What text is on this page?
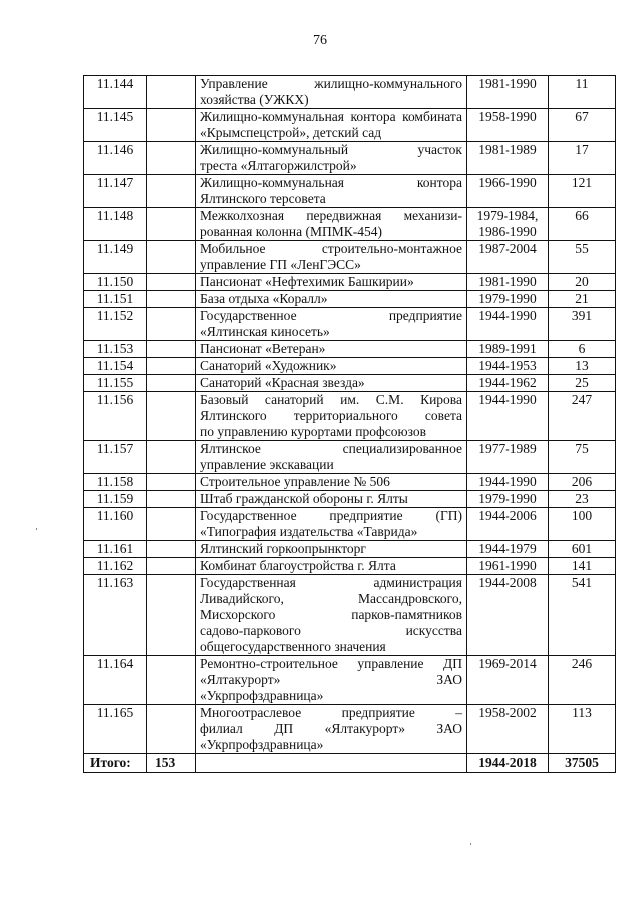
76
11.144		Управление жилищно-коммунального
хозяйства (УЖКХ)	1981-1990	11
11.145		Жилищно-коммунальная контора комбината
«Крымспецстрой», детский сад	1958-1990	67
11.146		Жилищно-коммунальный участок
треста «Ялтагоржилстрой»	1981-1989	17
11.147		Жилищно-коммунальная контора
Ялтинского терсовета	1966-1990	121
11.148		Межколхозная передвижная механизи-
рованная колонна (МПМК-454)	1979-1984,
1986-1990	66
11.149		Мобильное строительно-монтажное
управление ГП «ЛенГЭСС»	1987-2004	55
11.150		Пансионат «Нефтехимик Башкирии»	1981-1990	20
11.151		База отдыха «Коралл»	1979-1990	21
11.152		Государственное предприятие
«Ялтинская киносеть»	1944-1990	391
11.153		Пансионат «Ветеран»	1989-1991	6
11.154		Санаторий «Художник»	1944-1953	13
11.155		Санаторий «Красная звезда»	1944-1962	25
11.156		Базовый санаторий им. С.М. Кирова
Ялтинского территориального совета
по управлению курортами профсоюзов	1944-1990	247
11.157		Ялтинское специализированное
управление экскавации	1977-1989	75
11.158		Строительное управление № 506	1944-1990	206
11.159		Штаб гражданской обороны г. Ялты	1979-1990	23
11.160		Государственное предприятие (ГП)
«Типография издательства «Таврида»	1944-2006	100
11.161		Ялтинский горкоопрынкторг	1944-1979	601
11.162		Комбинат благоустройства г. Ялта	1961-1990	141
11.163		Государственная администрация
Ливадийского, Массандровского,
Мисхорского парков-памятников
садово-паркового искусства
общегосударственного значения	1944-2008	541
11.164		Ремонтно-строительное управление ДП
«Ялтакурорт» ЗАО
«Укрпрофздравница»	1969-2014	246
11.165		Многоотраслевое предприятие –
филиал ДП «Ялтакурорт» ЗАО
«Укрпрофздравница»	1958-2002	113
Итого:	153		1944-2018	37505
